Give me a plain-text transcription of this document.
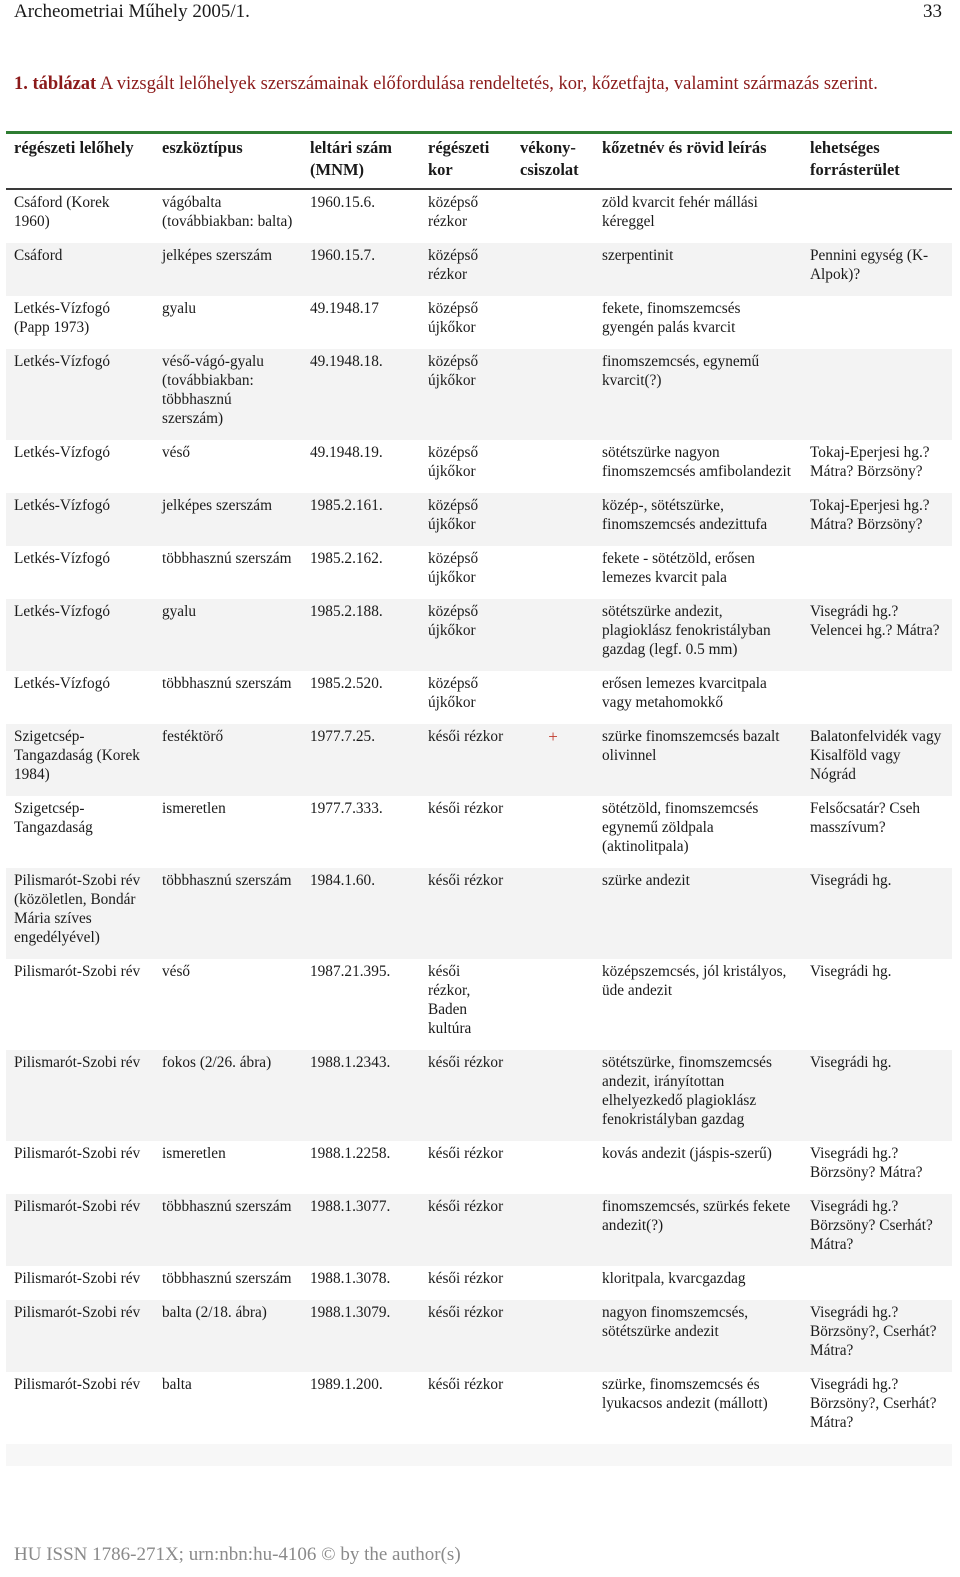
Archeometriai Műhely 2005/1.	33
1. táblázat A vizsgált lelőhelyek szerszámainak előfordulása rendeltetés, kor, kőzetfajta, valamint származás szerint.
régészeti lelőhely	eszköztípus	leltári szám (MNM)	régészeti kor	vékony-csiszolat	kőzetnév és rövid leírás	lehetséges forrásterület
Csáford (Korek 1960)	vágóbalta (továbbiakban: balta)	1960.15.6.	középső rézkor		zöld kvarcit fehér mállási kéreggel	
Csáford	jelképes szerszám	1960.15.7.	középső rézkor		szerpentinit	Pennini egység (K-Alpok)?
Letkés-Vízfogó (Papp 1973)	gyalu	49.1948.17	középső újkőkor		fekete, finomszemcsés gyengén palás kvarcit	
Letkés-Vízfogó	véső-vágó-gyalu (továbbiakban: többhasznú szerszám)	49.1948.18.	középső újkőkor		finomszemcsés, egynemű kvarcit(?)	
Letkés-Vízfogó	véső	49.1948.19.	középső újkőkor		sötétszürke nagyon finomszemcsés amfibolandezit	Tokaj-Eperjesi hg.? Mátra? Börzsöny?
Letkés-Vízfogó	jelképes szerszám	1985.2.161.	középső újkőkor		közép-, sötétszürke, finomszemcsés andezittufa	Tokaj-Eperjesi hg.? Mátra? Börzsöny?
Letkés-Vízfogó	többhasznú szerszám	1985.2.162.	középső újkőkor		fekete - sötétzöld, erősen lemezes kvarcit pala	
Letkés-Vízfogó	gyalu	1985.2.188.	középső újkőkor		sötétszürke andezit, plagioklász fenokristályban gazdag (legf. 0.5 mm)	Visegrádi hg.? Velencei hg.? Mátra?
Letkés-Vízfogó	többhasznú szerszám	1985.2.520.	középső újkőkor		erősen lemezes kvarcitpala vagy metahomokkő	
Szigetcsép-Tangazdaság (Korek 1984)	festéktörő	1977.7.25.	késői rézkor	+	szürke finomszemcsés bazalt olivinnel	Balatonfelvidék vagy Kisalföld vagy Nógrád
Szigetcsép-Tangazdaság	ismeretlen	1977.7.333.	késői rézkor		sötétzöld, finomszemcsés egynemű zöldpala (aktinolitpala)	Felsőcsatár? Cseh masszívum?
Pilismarót-Szobi rév (közöletlen, Bondár Mária szíves engedélyével)	többhasznú szerszám	1984.1.60.	késői rézkor		szürke andezit	Visegrádi hg.
Pilismarót-Szobi rév	véső	1987.21.395.	késői rézkor, Baden kultúra		középszemcsés, jól kristályos, üde andezit	Visegrádi hg.
Pilismarót-Szobi rév	fokos (2/26. ábra)	1988.1.2343.	késői rézkor		sötétszürke, finomszemcsés andezit, irányítottan elhelyezkedő plagioklász fenokristályban gazdag	Visegrádi hg.
Pilismarót-Szobi rév	ismeretlen	1988.1.2258.	késői rézkor		kovás andezit (jáspis-szerű)	Visegrádi hg.? Börzsöny? Mátra?
Pilismarót-Szobi rév	többhasznú szerszám	1988.1.3077.	késői rézkor		finomszemcsés, szürkés fekete andezit(?)	Visegrádi hg.? Börzsöny? Cserhát? Mátra?
Pilismarót-Szobi rév	többhasznú szerszám	1988.1.3078.	késői rézkor		kloritpala, kvarcgazdag	
Pilismarót-Szobi rév	balta (2/18. ábra)	1988.1.3079.	késői rézkor		nagyon finomszemcsés, sötétszürke andezit	Visegrádi hg.? Börzsöny?, Cserhát? Mátra?
Pilismarót-Szobi rév	balta	1989.1.200.	késői rézkor		szürke, finomszemcsés és lyukacsos andezit (mállott)	Visegrádi hg.? Börzsöny?, Cserhát? Mátra?
HU ISSN 1786-271X; urn:nbn:hu-4106 © by the author(s)
